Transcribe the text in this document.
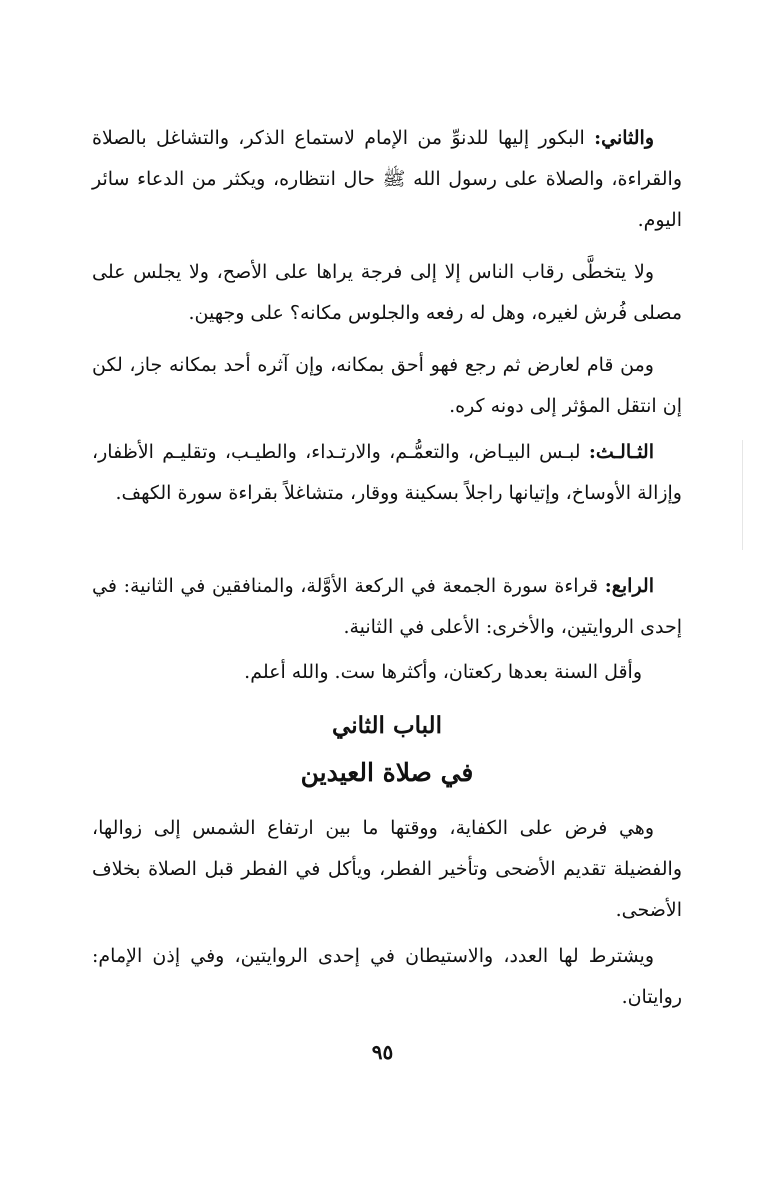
والثاني: البكور إليها للدنوِّ من الإمام لاستماع الذكر، والتشاغل بالصلاة والقراءة، والصلاة على رسول الله ﷺ حال انتظاره، ويكثر من الدعاء سائر اليوم.

ولا يتخطَّى رقاب الناس إلا إلى فرجة يراها على الأصح، ولا يجلس على مصلى فُرش لغيره، وهل له رفعه والجلوس مكانه؟ على وجهين.

ومن قام لعارض ثم رجع فهو أحق بمكانه، وإن آثره أحد بمكانه جاز، لكن إن انتقل المؤثر إلى دونه كره.

الثـالـث: لبـس البيـاض، والتعمُّـم، والارتـداء، والطيـب، وتقليـم الأظفار، وإزالة الأوساخ، وإتيانها راجلاً بسكينة ووقار، متشاغلاً بقراءة سورة الكهف.

الرابع: قراءة سورة الجمعة في الركعة الأوَّلة، والمنافقين في الثانية: في إحدى الروايتين، والأخرى: الأعلى في الثانية.

وأقل السنة بعدها ركعتان، وأكثرها ست. والله أعلم.

الباب الثاني
في صلاة العيدين

وهي فرض على الكفاية، ووقتها ما بين ارتفاع الشمس إلى زوالها، والفضيلة تقديم الأضحى وتأخير الفطر، ويأكل في الفطر قبل الصلاة بخلاف الأضحى.

ويشترط لها العدد، والاستيطان في إحدى الروايتين، وفي إذن الإمام: روايتان.

٩٥
